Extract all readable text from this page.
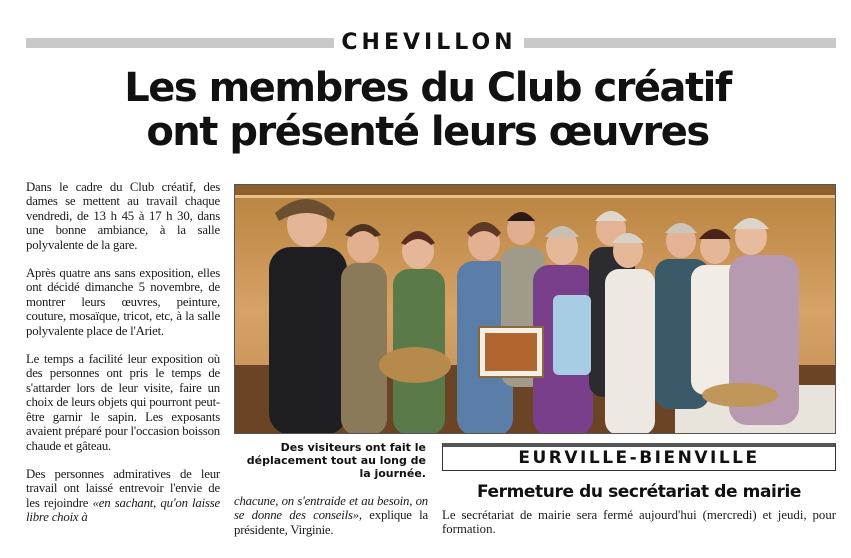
CHEVILLON
Les membres du Club créatif
ont présenté leurs œuvres

Dans le cadre du Club créatif, des dames se mettent au travail chaque vendredi, de 13 h 45 à 17 h 30, dans une bonne ambiance, à la salle polyvalente de la gare.

Après quatre ans sans exposition, elles ont décidé dimanche 5 novembre, de montrer leurs œuvres, peinture, couture, mosaïque, tricot, etc, à la salle polyvalente place de l'Ariet.

Le temps a facilité leur exposition où des personnes ont pris le temps de s'attarder lors de leur visite, faire un choix de leurs objets qui pourront peut-être garnir le sapin. Les exposants avaient préparé pour l'occasion boisson chaude et gâteau.

Des personnes admiratives de leur travail ont laissé entrevoir l'envie de les rejoindre «en sachant, qu'on laisse libre choix à

Des visiteurs ont fait le déplacement tout au long de la journée.

chacune, on s'entraide et au besoin, on se donne des conseils», explique la présidente, Virginie.

EURVILLE-BIENVILLE
Fermeture du secrétariat de mairie

Le secrétariat de mairie sera fermé aujourd'hui (mercredi) et jeudi, pour formation.
